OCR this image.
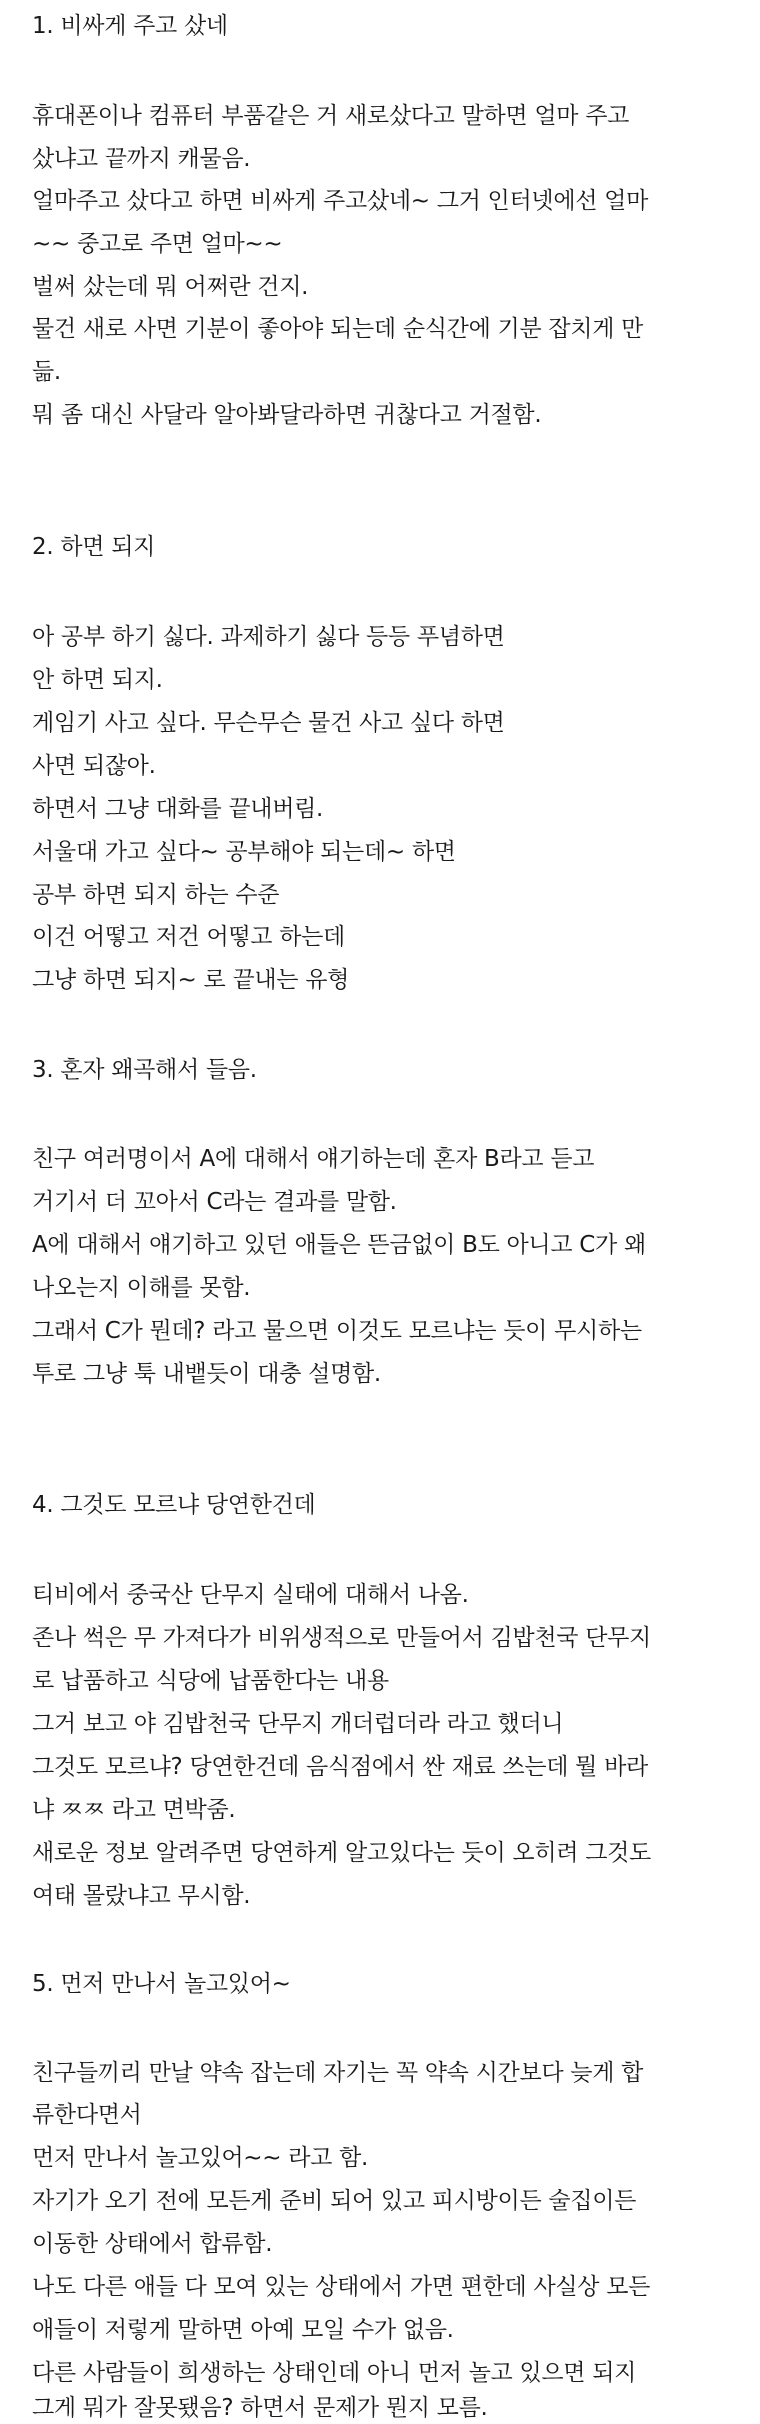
1. 비싸게 주고 샀네
휴대폰이나 컴퓨터 부품같은 거 새로샀다고 말하면 얼마 주고
샀냐고 끝까지 캐물음.
얼마주고 샀다고 하면 비싸게 주고샀네~ 그거 인터넷에선 얼마
~~ 중고로 주면 얼마~~
벌써 샀는데 뭐 어쩌란 건지.
물건 새로 사면 기분이 좋아야 되는데 순식간에 기분 잡치게 만
듦.
뭐 좀 대신 사달라 알아봐달라하면 귀찮다고 거절함.
2. 하면 되지
아 공부 하기 싫다. 과제하기 싫다 등등 푸념하면
안 하면 되지.
게임기 사고 싶다. 무슨무슨 물건 사고 싶다 하면
사면 되잖아.
하면서 그냥 대화를 끝내버림.
서울대 가고 싶다~ 공부해야 되는데~ 하면
공부 하면 되지 하는 수준
이건 어떻고 저건 어떻고 하는데
그냥 하면 되지~ 로 끝내는 유형
3. 혼자 왜곡해서 들음.
친구 여러명이서 A에 대해서 얘기하는데 혼자 B라고 듣고
거기서 더 꼬아서 C라는 결과를 말함.
A에 대해서 얘기하고 있던 애들은 뜬금없이 B도 아니고 C가 왜
나오는지 이해를 못함.
그래서 C가 뭔데? 라고 물으면 이것도 모르냐는 듯이 무시하는
투로 그냥 툭 내뱉듯이 대충 설명함.
4. 그것도 모르냐 당연한건데
티비에서 중국산 단무지 실태에 대해서 나옴.
존나 썩은 무 가져다가 비위생적으로 만들어서 김밥천국 단무지
로 납품하고 식당에 납품한다는 내용
그거 보고 야 김밥천국 단무지 개더럽더라 라고 했더니
그것도 모르냐? 당연한건데 음식점에서 싼 재료 쓰는데 뭘 바라
냐 ㅉㅉ 라고 면박줌.
새로운 정보 알려주면 당연하게 알고있다는 듯이 오히려 그것도
여태 몰랐냐고 무시함.
5. 먼저 만나서 놀고있어~
친구들끼리 만날 약속 잡는데 자기는 꼭 약속 시간보다 늦게 합
류한다면서
먼저 만나서 놀고있어~~ 라고 함.
자기가 오기 전에 모든게 준비 되어 있고 피시방이든 술집이든
이동한 상태에서 합류함.
나도 다른 애들 다 모여 있는 상태에서 가면 편한데 사실상 모든
애들이 저렇게 말하면 아예 모일 수가 없음.
다른 사람들이 희생하는 상태인데 아니 먼저 놀고 있으면 되지
그게 뭐가 잘못됐음? 하면서 문제가 뭔지 모름.
